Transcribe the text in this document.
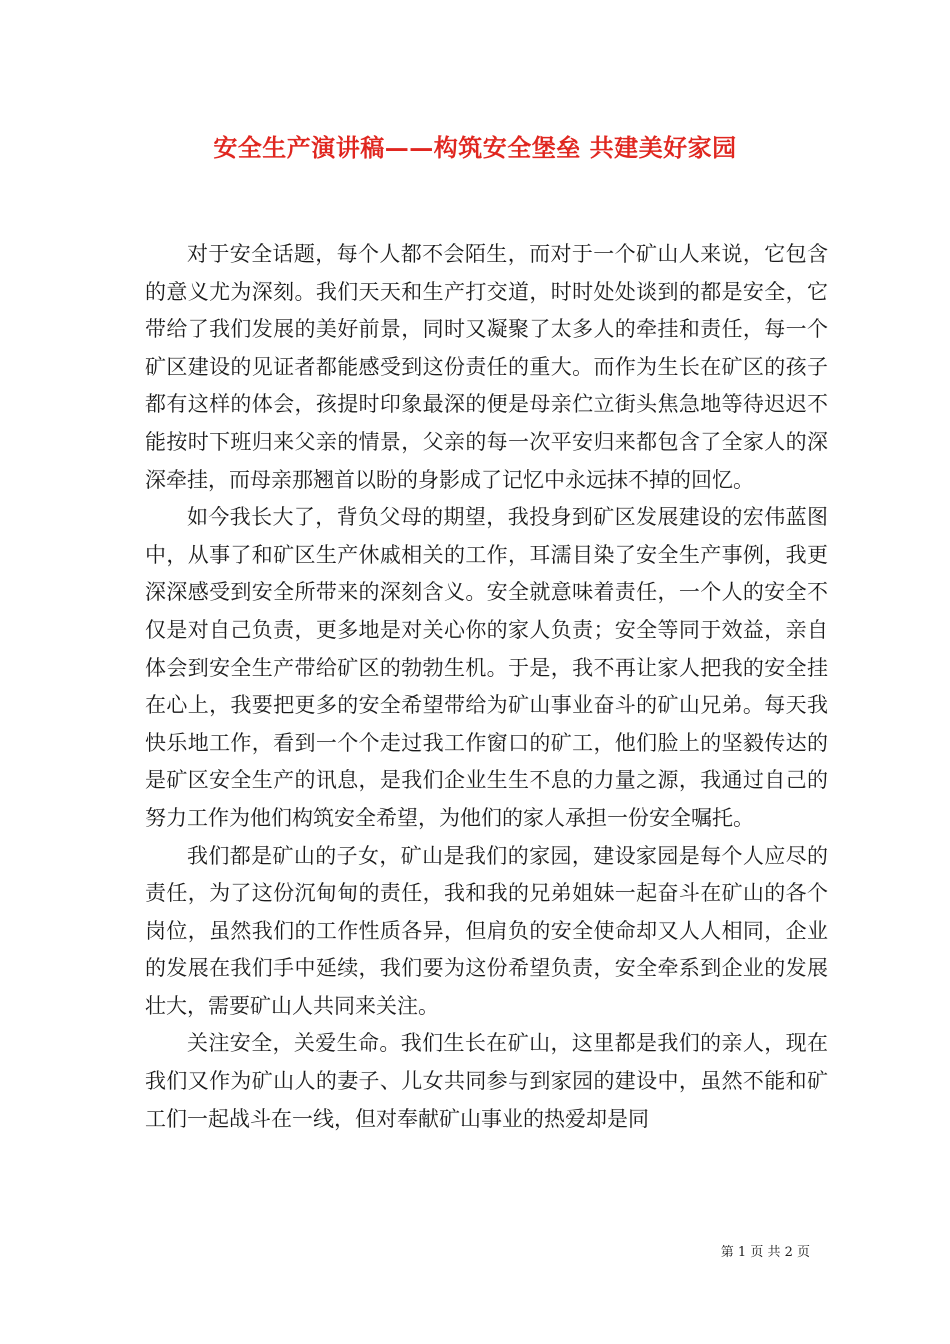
安全生产演讲稿——构筑安全堡垒 共建美好家园

对于安全话题，每个人都不会陌生，而对于一个矿山人来说，它包含的意义尤为深刻。我们天天和生产打交道，时时处处谈到的都是安全，它带给了我们发展的美好前景，同时又凝聚了太多人的牵挂和责任，每一个矿区建设的见证者都能感受到这份责任的重大。而作为生长在矿区的孩子都有这样的体会，孩提时印象最深的便是母亲伫立街头焦急地等待迟迟不能按时下班归来父亲的情景，父亲的每一次平安归来都包含了全家人的深深牵挂，而母亲那翘首以盼的身影成了记忆中永远抹不掉的回忆。

如今我长大了，背负父母的期望，我投身到矿区发展建设的宏伟蓝图中，从事了和矿区生产休戚相关的工作，耳濡目染了安全生产事例，我更深深感受到安全所带来的深刻含义。安全就意味着责任，一个人的安全不仅是对自己负责，更多地是对关心你的家人负责；安全等同于效益，亲自体会到安全生产带给矿区的勃勃生机。于是，我不再让家人把我的安全挂在心上，我要把更多的安全希望带给为矿山事业奋斗的矿山兄弟。每天我快乐地工作，看到一个个走过我工作窗口的矿工，他们脸上的坚毅传达的是矿区安全生产的讯息，是我们企业生生不息的力量之源，我通过自己的努力工作为他们构筑安全希望，为他们的家人承担一份安全嘱托。

我们都是矿山的子女，矿山是我们的家园，建设家园是每个人应尽的责任，为了这份沉甸甸的责任，我和我的兄弟姐妹一起奋斗在矿山的各个岗位，虽然我们的工作性质各异，但肩负的安全使命却又人人相同，企业的发展在我们手中延续，我们要为这份希望负责，安全牵系到企业的发展壮大，需要矿山人共同来关注。

关注安全，关爱生命。我们生长在矿山，这里都是我们的亲人，现在我们又作为矿山人的妻子、儿女共同参与到家园的建设中，虽然不能和矿工们一起战斗在一线，但对奉献矿山事业的热爱却是同

第 1 页 共 2 页
